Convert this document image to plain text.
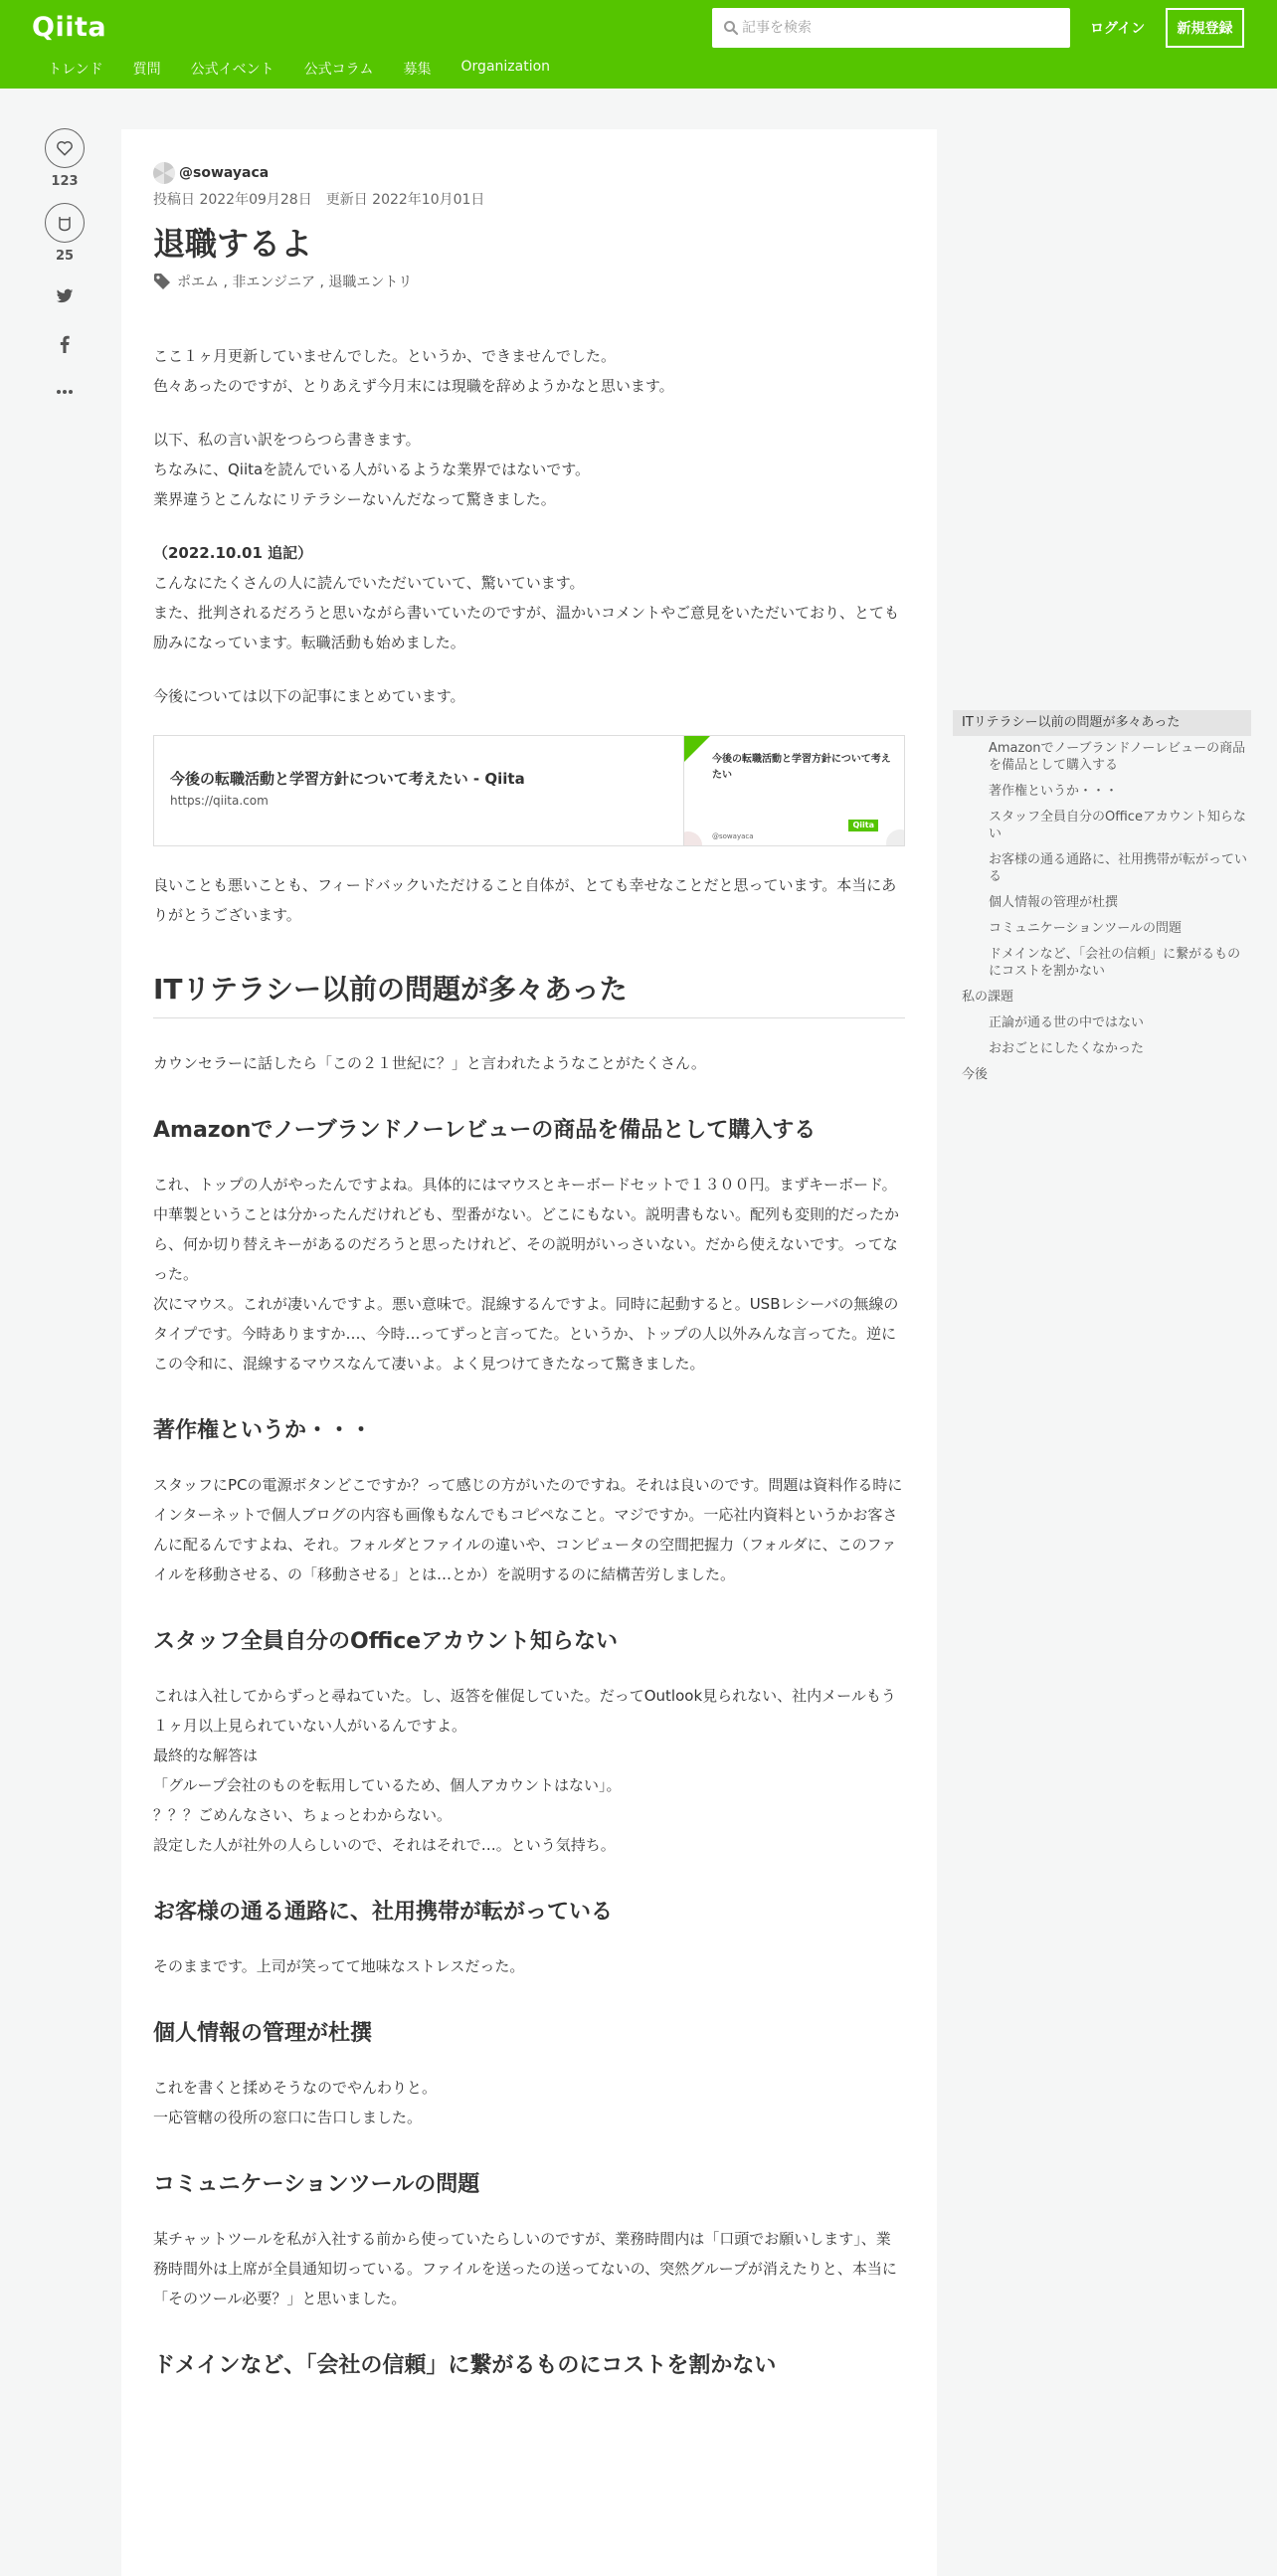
Qiita
記事を検索	ログイン	新規登録
トレンド 質問 公式イベント 公式コラム 募集 Organization
123
25
@sowayaca
投稿日 2022年09月28日　更新日 2022年10月01日
退職するよ
ポエム , 非エンジニア , 退職エントリ

ここ１ヶ月更新していませんでした。というか、できませんでした。
色々あったのですが、とりあえず今月末には現職を辞めようかなと思います。

以下、私の言い訳をつらつら書きます。
ちなみに、Qiitaを読んでいる人がいるような業界ではないです。
業界違うとこんなにリテラシーないんだなって驚きました。

（2022.10.01 追記）
こんなにたくさんの人に読んでいただいていて、驚いています。
また、批判されるだろうと思いながら書いていたのですが、温かいコメントやご意見をいただいており、とても励みになっています。転職活動も始めました。

今後については以下の記事にまとめています。

今後の転職活動と学習方針について考えたい - Qiita
https://qiita.com
今後の転職活動と学習方針について考えたい
@sowayaca
Qiita

良いことも悪いことも、フィードバックいただけること自体が、とても幸せなことだと思っています。本当にありがとうございます。

ITリテラシー以前の問題が多々あった

カウンセラーに話したら「この２１世紀に？」と言われたようなことがたくさん。

Amazonでノーブランドノーレビューの商品を備品として購入する

これ、トップの人がやったんですよね。具体的にはマウスとキーボードセットで１３００円。まずキーボード。中華製ということは分かったんだけれども、型番がない。どこにもない。説明書もない。配列も変則的だったから、何か切り替えキーがあるのだろうと思ったけれど、その説明がいっさいない。だから使えないです。ってなった。
次にマウス。これが凄いんですよ。悪い意味で。混線するんですよ。同時に起動すると。USBレシーバの無線のタイプです。今時ありますか…、今時…ってずっと言ってた。というか、トップの人以外みんな言ってた。逆にこの令和に、混線するマウスなんて凄いよ。よく見つけてきたなって驚きました。

著作権というか・・・

スタッフにPCの電源ボタンどこですか？って感じの方がいたのですね。それは良いのです。問題は資料作る時にインターネットで個人ブログの内容も画像もなんでもコピペなこと。マジですか。一応社内資料というかお客さんに配るんですよね、それ。フォルダとファイルの違いや、コンピュータの空間把握力（フォルダに、このファイルを移動させる、の「移動させる」とは…とか）を説明するのに結構苦労しました。

スタッフ全員自分のOfficeアカウント知らない

これは入社してからずっと尋ねていた。し、返答を催促していた。だってOutlook見られない、社内メールもう１ヶ月以上見られていない人がいるんですよ。
最終的な解答は
「グループ会社のものを転用しているため、個人アカウントはない」。
？？？ごめんなさい、ちょっとわからない。
設定した人が社外の人らしいので、それはそれで…。という気持ち。

お客様の通る通路に、社用携帯が転がっている

そのままです。上司が笑ってて地味なストレスだった。

個人情報の管理が杜撰

これを書くと揉めそうなのでやんわりと。
一応管轄の役所の窓口に告口しました。

コミュニケーションツールの問題

某チャットツールを私が入社する前から使っていたらしいのですが、業務時間内は「口頭でお願いします」、業務時間外は上席が全員通知切っている。ファイルを送ったの送ってないの、突然グループが消えたりと、本当に「そのツール必要？」と思いました。

ドメインなど、「会社の信頼」に繋がるものにコストを割かない
ITリテラシー以前の問題が多々あった
Amazonでノーブランドノーレビューの商品を備品として購入する
著作権というか・・・
スタッフ全員自分のOfficeアカウント知らない
お客様の通る通路に、社用携帯が転がっている
個人情報の管理が杜撰
コミュニケーションツールの問題
ドメインなど、「会社の信頼」に繋がるものにコストを割かない
私の課題
正論が通る世の中ではない
おおごとにしたくなかった
今後
